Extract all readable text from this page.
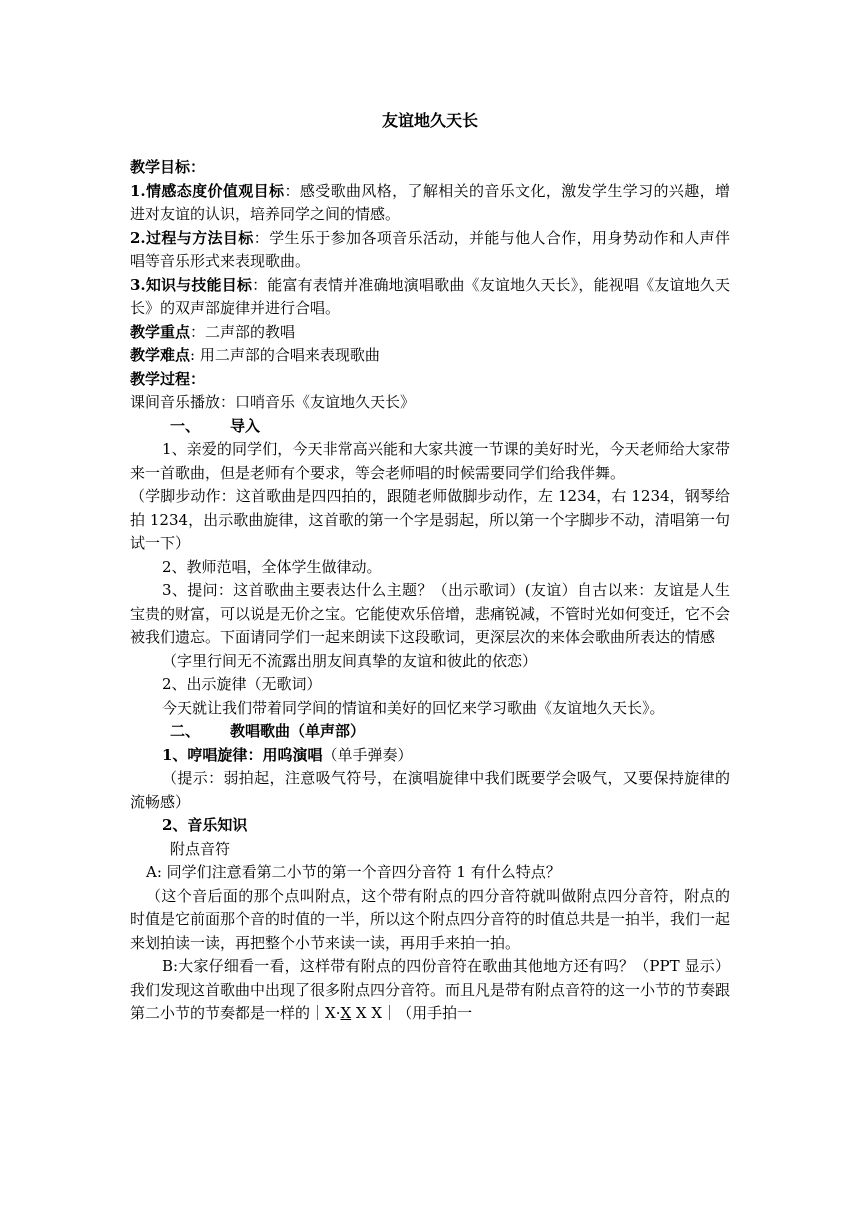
友谊地久天长

教学目标：

1.情感态度价值观目标：感受歌曲风格，了解相关的音乐文化，激发学生学习的兴趣，增进对友谊的认识，培养同学之间的情感。

2.过程与方法目标：学生乐于参加各项音乐活动，并能与他人合作，用身势动作和人声伴唱等音乐形式来表现歌曲。

3.知识与技能目标：能富有表情并准确地演唱歌曲《友谊地久天长》，能视唱《友谊地久天长》的双声部旋律并进行合唱。

教学重点：二声部的教唱

教学难点: 用二声部的合唱来表现歌曲

教学过程：

课间音乐播放：口哨音乐《友谊地久天长》

一、 导入

1、亲爱的同学们，今天非常高兴能和大家共渡一节课的美好时光，今天老师给大家带来一首歌曲，但是老师有个要求，等会老师唱的时候需要同学们给我伴舞。

（学脚步动作：这首歌曲是四四拍的，跟随老师做脚步动作，左 1234，右 1234，钢琴给拍 1234，出示歌曲旋律，这首歌的第一个字是弱起，所以第一个字脚步不动，清唱第一句试一下）

2、教师范唱，全体学生做律动。

3、提问：这首歌曲主要表达什么主题？（出示歌词）(友谊）自古以来：友谊是人生宝贵的财富，可以说是无价之宝。它能使欢乐倍增，悲痛锐减，不管时光如何变迁，它不会被我们遗忘。下面请同学们一起来朗读下这段歌词，更深层次的来体会歌曲所表达的情感

（字里行间无不流露出朋友间真挚的友谊和彼此的依恋）

2、出示旋律（无歌词）

今天就让我们带着同学间的情谊和美好的回忆来学习歌曲《友谊地久天长》。

二、 教唱歌曲（单声部）

1、哼唱旋律：用呜演唱（单手弹奏）

（提示：弱拍起，注意吸气符号，在演唱旋律中我们既要学会吸气，又要保持旋律的流畅感）

2、音乐知识

附点音符

A: 同学们注意看第二小节的第一个音四分音符 1 有什么特点？

（这个音后面的那个点叫附点，这个带有附点的四分音符就叫做附点四分音符，附点的时值是它前面那个音的时值的一半，所以这个附点四分音符的时值总共是一拍半，我们一起来划拍读一读，再把整个小节来读一读，再用手来拍一拍。

B:大家仔细看一看，这样带有附点的四份音符在歌曲其他地方还有吗？（PPT 显示）我们发现这首歌曲中出现了很多附点四分音符。而且凡是带有附点音符的这一小节的节奏跟第二小节的节奏都是一样的｜X·X X X｜（用手拍一
